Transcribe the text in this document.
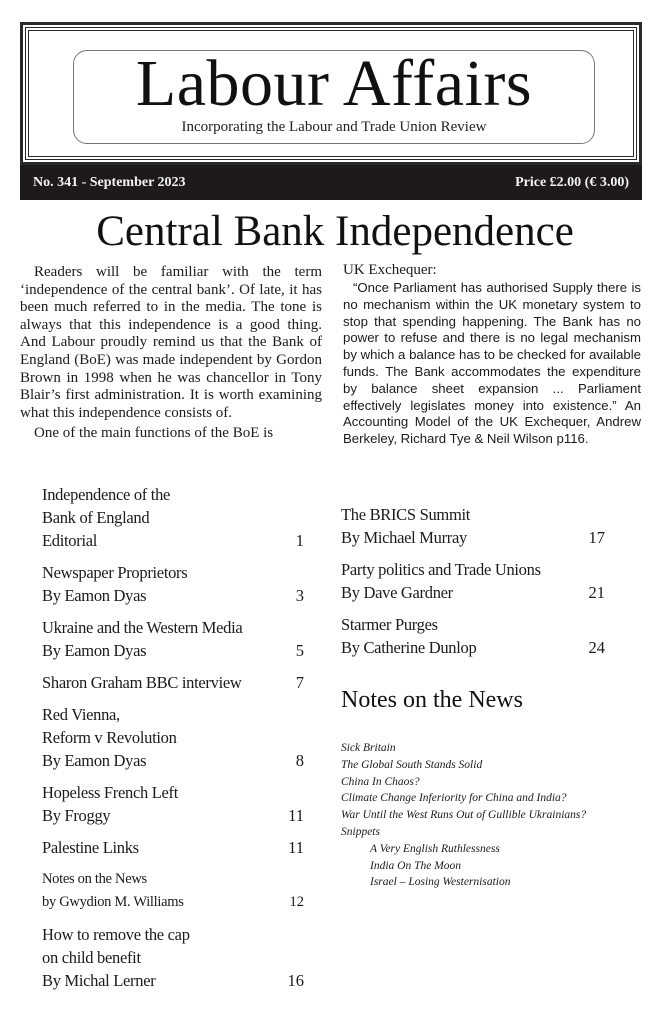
Labour Affairs
Incorporating the Labour and Trade Union Review
No. 341 - September 2023	Price £2.00 (€ 3.00)
Central Bank Independence

Readers will be familiar with the term ‘independence of the central bank’. Of late, it has been much referred to in the media. The tone is always that this independence is a good thing. And Labour proudly remind us that the Bank of England (BoE) was made independent by Gordon Brown in 1998 when he was chancellor in Tony Blair’s first administration. It is worth examining what this independence consists of.

One of the main functions of the BoE is

UK Exchequer:

“Once Parliament has authorised Supply there is no mechanism within the UK monetary system to stop that spending happening. The Bank has no power to refuse and there is no legal mechanism by which a balance has to be checked for available funds. The Bank accommodates the expenditure by balance sheet expansion ... Parliament effectively legislates money into existence.” An Accounting Model of the UK Exchequer, Andrew Berkeley, Richard Tye & Neil Wilson p116.

Independence of the
Bank of England
Editorial	1
Newspaper Proprietors
By Eamon Dyas	3
Ukraine and the Western Media
By Eamon Dyas	5
Sharon Graham BBC interview	7
Red Vienna,
Reform v Revolution
By Eamon Dyas	8
Hopeless French Left
By Froggy	11
Palestine Links	11
Notes on the News
by Gwydion M. Williams	12
How to remove the cap
on child benefit
By Michal Lerner	16
The BRICS Summit
By Michael Murray	17
Party politics and Trade Unions
By Dave Gardner	21
Starmer Purges
By Catherine Dunlop	24
Notes on the News
Sick Britain
The Global South Stands Solid
China In Chaos?
Climate Change Inferiority for China and India?
War Until the West Runs Out of Gullible Ukrainians?
Snippets
A Very English Ruthlessness
India On The Moon
Israel – Losing Westernisation
